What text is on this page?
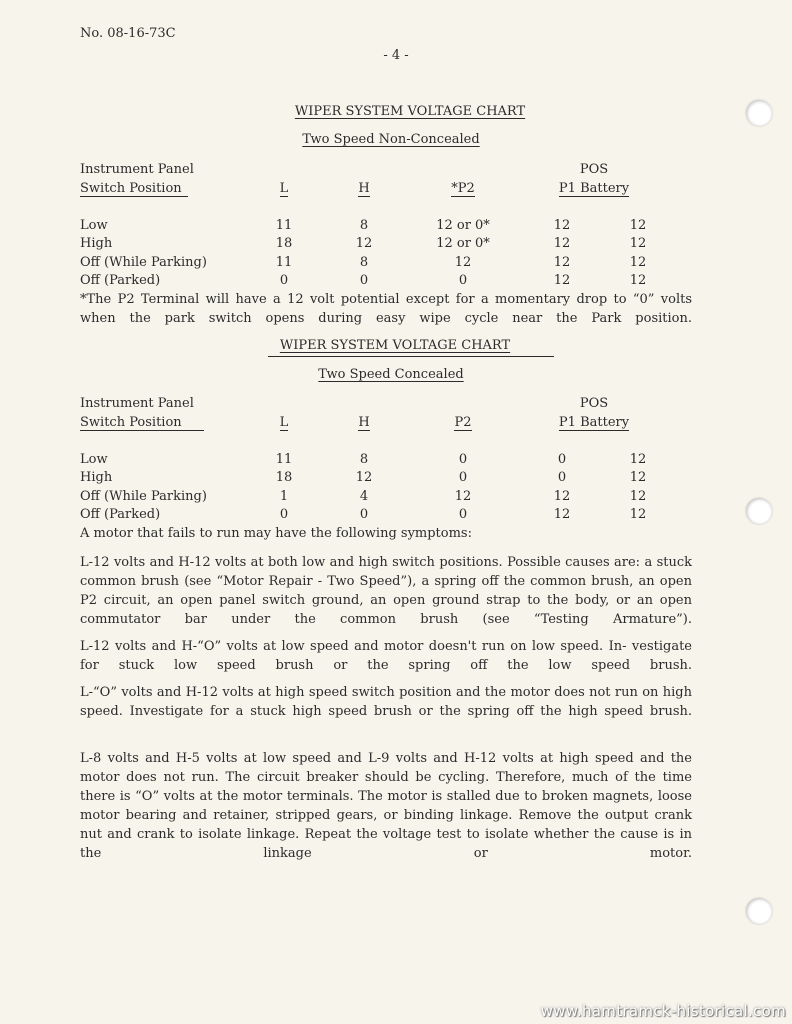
No. 08-16-73C
- 4 -
WIPER SYSTEM VOLTAGE CHART
Two Speed Non-Concealed
Instrument Panel				POS	
Switch Position	L	H	*P2	P1 Battery	

Low	11	8	12 or 0*	12	12
High	18	12	12 or 0*	12	12
Off (While Parking)	11	8	12	12	12
Off (Parked)	0	0	0	12	12
*The P2 Terminal will have a 12 volt potential except for a momentary drop to “0” volts when the park switch opens during easy wipe cycle near the Park position.
WIPER SYSTEM VOLTAGE CHART
Two Speed Concealed
Instrument Panel				POS	
Switch Position	L	H	P2	P1 Battery	

Low	11	8	0	0	12
High	18	12	0	0	12
Off (While Parking)	1	4	12	12	12
Off (Parked)	0	0	0	12	12
A motor that fails to run may have the following symptoms:
L-12 volts and H-12 volts at both low and high switch positions. Possible causes are: a stuck common brush (see “Motor Repair - Two Speed”), a spring off the common brush, an open P2 circuit, an open panel switch ground, an open ground strap to the body, or an open commutator bar under the common brush (see “Testing Armature”).
L-12 volts and H-“O” volts at low speed and motor doesn't run on low speed. In- vestigate for stuck low speed brush or the spring off the low speed brush.
L-“O” volts and H-12 volts at high speed switch position and the motor does not run on high speed. Investigate for a stuck high speed brush or the spring off the high speed brush.
L-8 volts and H-5 volts at low speed and L-9 volts and H-12 volts at high speed and the motor does not run. The circuit breaker should be cycling. Therefore, much of the time there is “O” volts at the motor terminals. The motor is stalled due to broken magnets, loose motor bearing and retainer, stripped gears, or binding linkage. Remove the output crank nut and crank to isolate linkage. Repeat the voltage test to isolate whether the cause is in the linkage or motor.
www.hamtramck-historical.com
